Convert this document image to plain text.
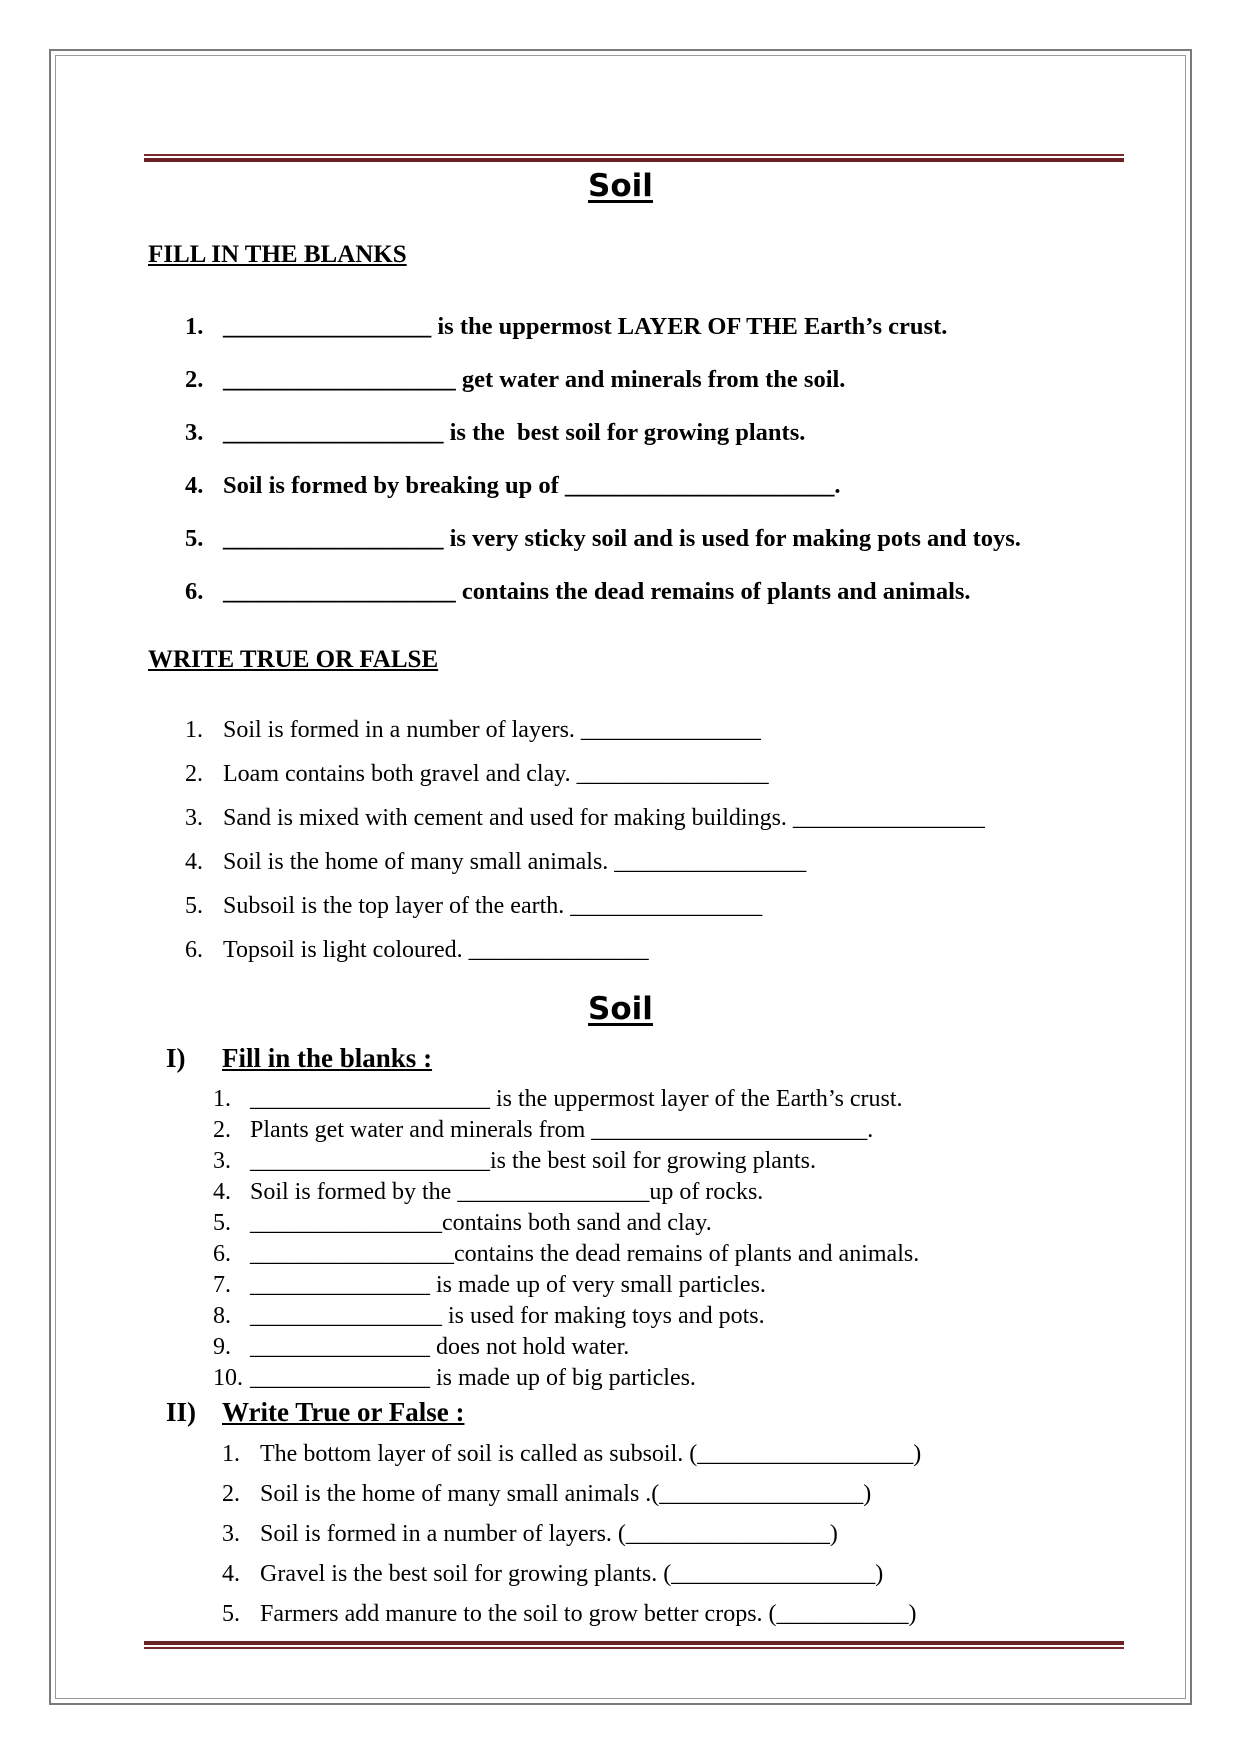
Soil
FILL IN THE BLANKS
1. _________________ is the uppermost LAYER OF THE Earth’s crust.
2. ___________________ get water and minerals from the soil.
3. __________________ is the  best soil for growing plants.
4. Soil is formed by breaking up of ______________________.
5. __________________ is very sticky soil and is used for making pots and toys.
6. ___________________ contains the dead remains of plants and animals.
WRITE TRUE OR FALSE
1. Soil is formed in a number of layers. _______________
2. Loam contains both gravel and clay. ________________
3. Sand is mixed with cement and used for making buildings. ________________
4. Soil is the home of many small animals. ________________
5. Subsoil is the top layer of the earth. ________________
6. Topsoil is light coloured. _______________
Soil
I) Fill in the blanks :
1. ____________________ is the uppermost layer of the Earth’s crust.
2. Plants get water and minerals from _______________________.
3. ____________________is the best soil for growing plants.
4. Soil is formed by the ________________up of rocks.
5. ________________contains both sand and clay.
6. _________________contains the dead remains of plants and animals.
7. _______________ is made up of very small particles.
8. ________________ is used for making toys and pots.
9. _______________ does not hold water.
10. _______________ is made up of big particles.
II) Write True or False :
1. The bottom layer of soil is called as subsoil. (__________________)
2. Soil is the home of many small animals .(_________________)
3. Soil is formed in a number of layers. (_________________)
4. Gravel is the best soil for growing plants. (_________________)
5. Farmers add manure to the soil to grow better crops. (___________)
